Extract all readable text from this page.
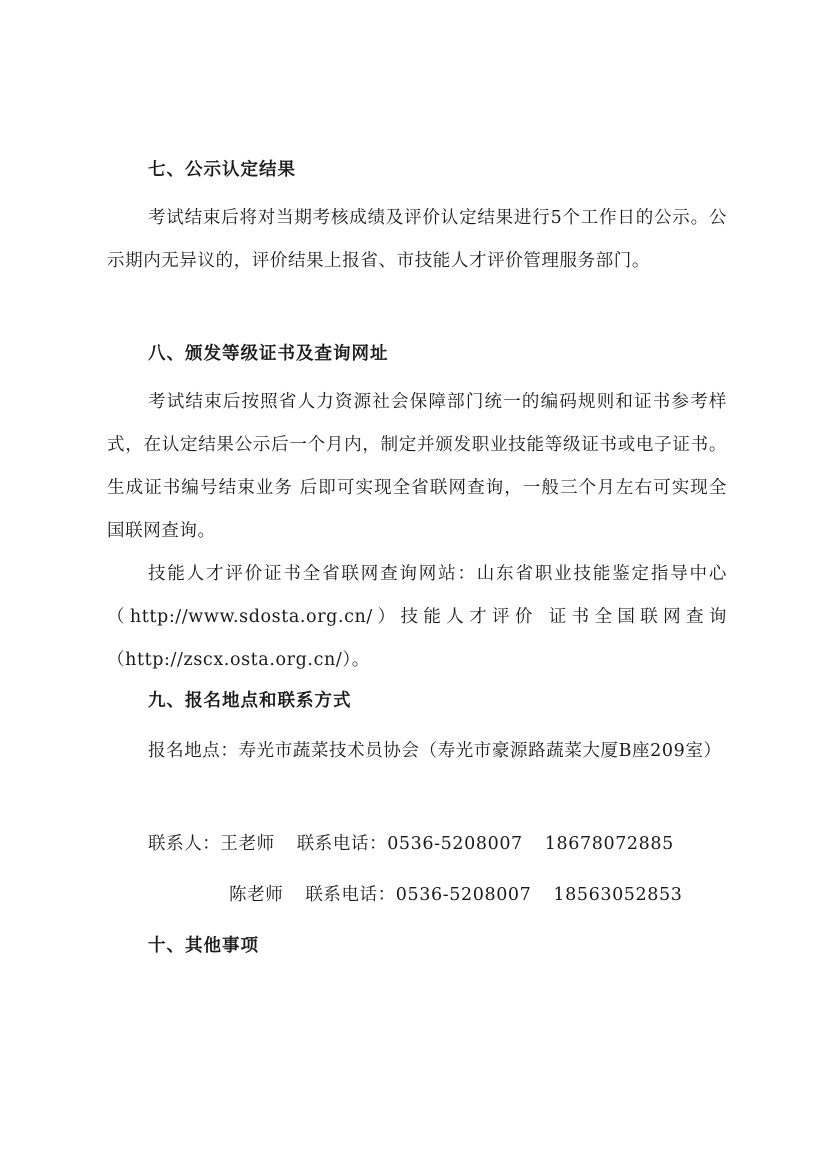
七、公示认定结果
考试结束后将对当期考核成绩及评价认定结果进行5个工作日的公示。公示期内无异议的，评价结果上报省、市技能人才评价管理服务部门。
八、颁发等级证书及查询网址
考试结束后按照省人力资源社会保障部门统一的编码规则和证书参考样式，在认定结果公示后一个月内，制定并颁发职业技能等级证书或电子证书。生成证书编号结束业务 后即可实现全省联网查询，一般三个月左右可实现全国联网查询。
技能人才评价证书全省联网查询网站：山东省职业技能鉴定指导中心（http://www.sdosta.org.cn/）技能人才评价 证书全国联网查询（http://zscx.osta.org.cn/）。
九、报名地点和联系方式
报名地点：寿光市蔬菜技术员协会（寿光市豪源路蔬菜大厦B座209室）
联系人：王老师 联系电话：0536-5208007 18678072885
陈老师 联系电话：0536-5208007 18563052853
十、其他事项
